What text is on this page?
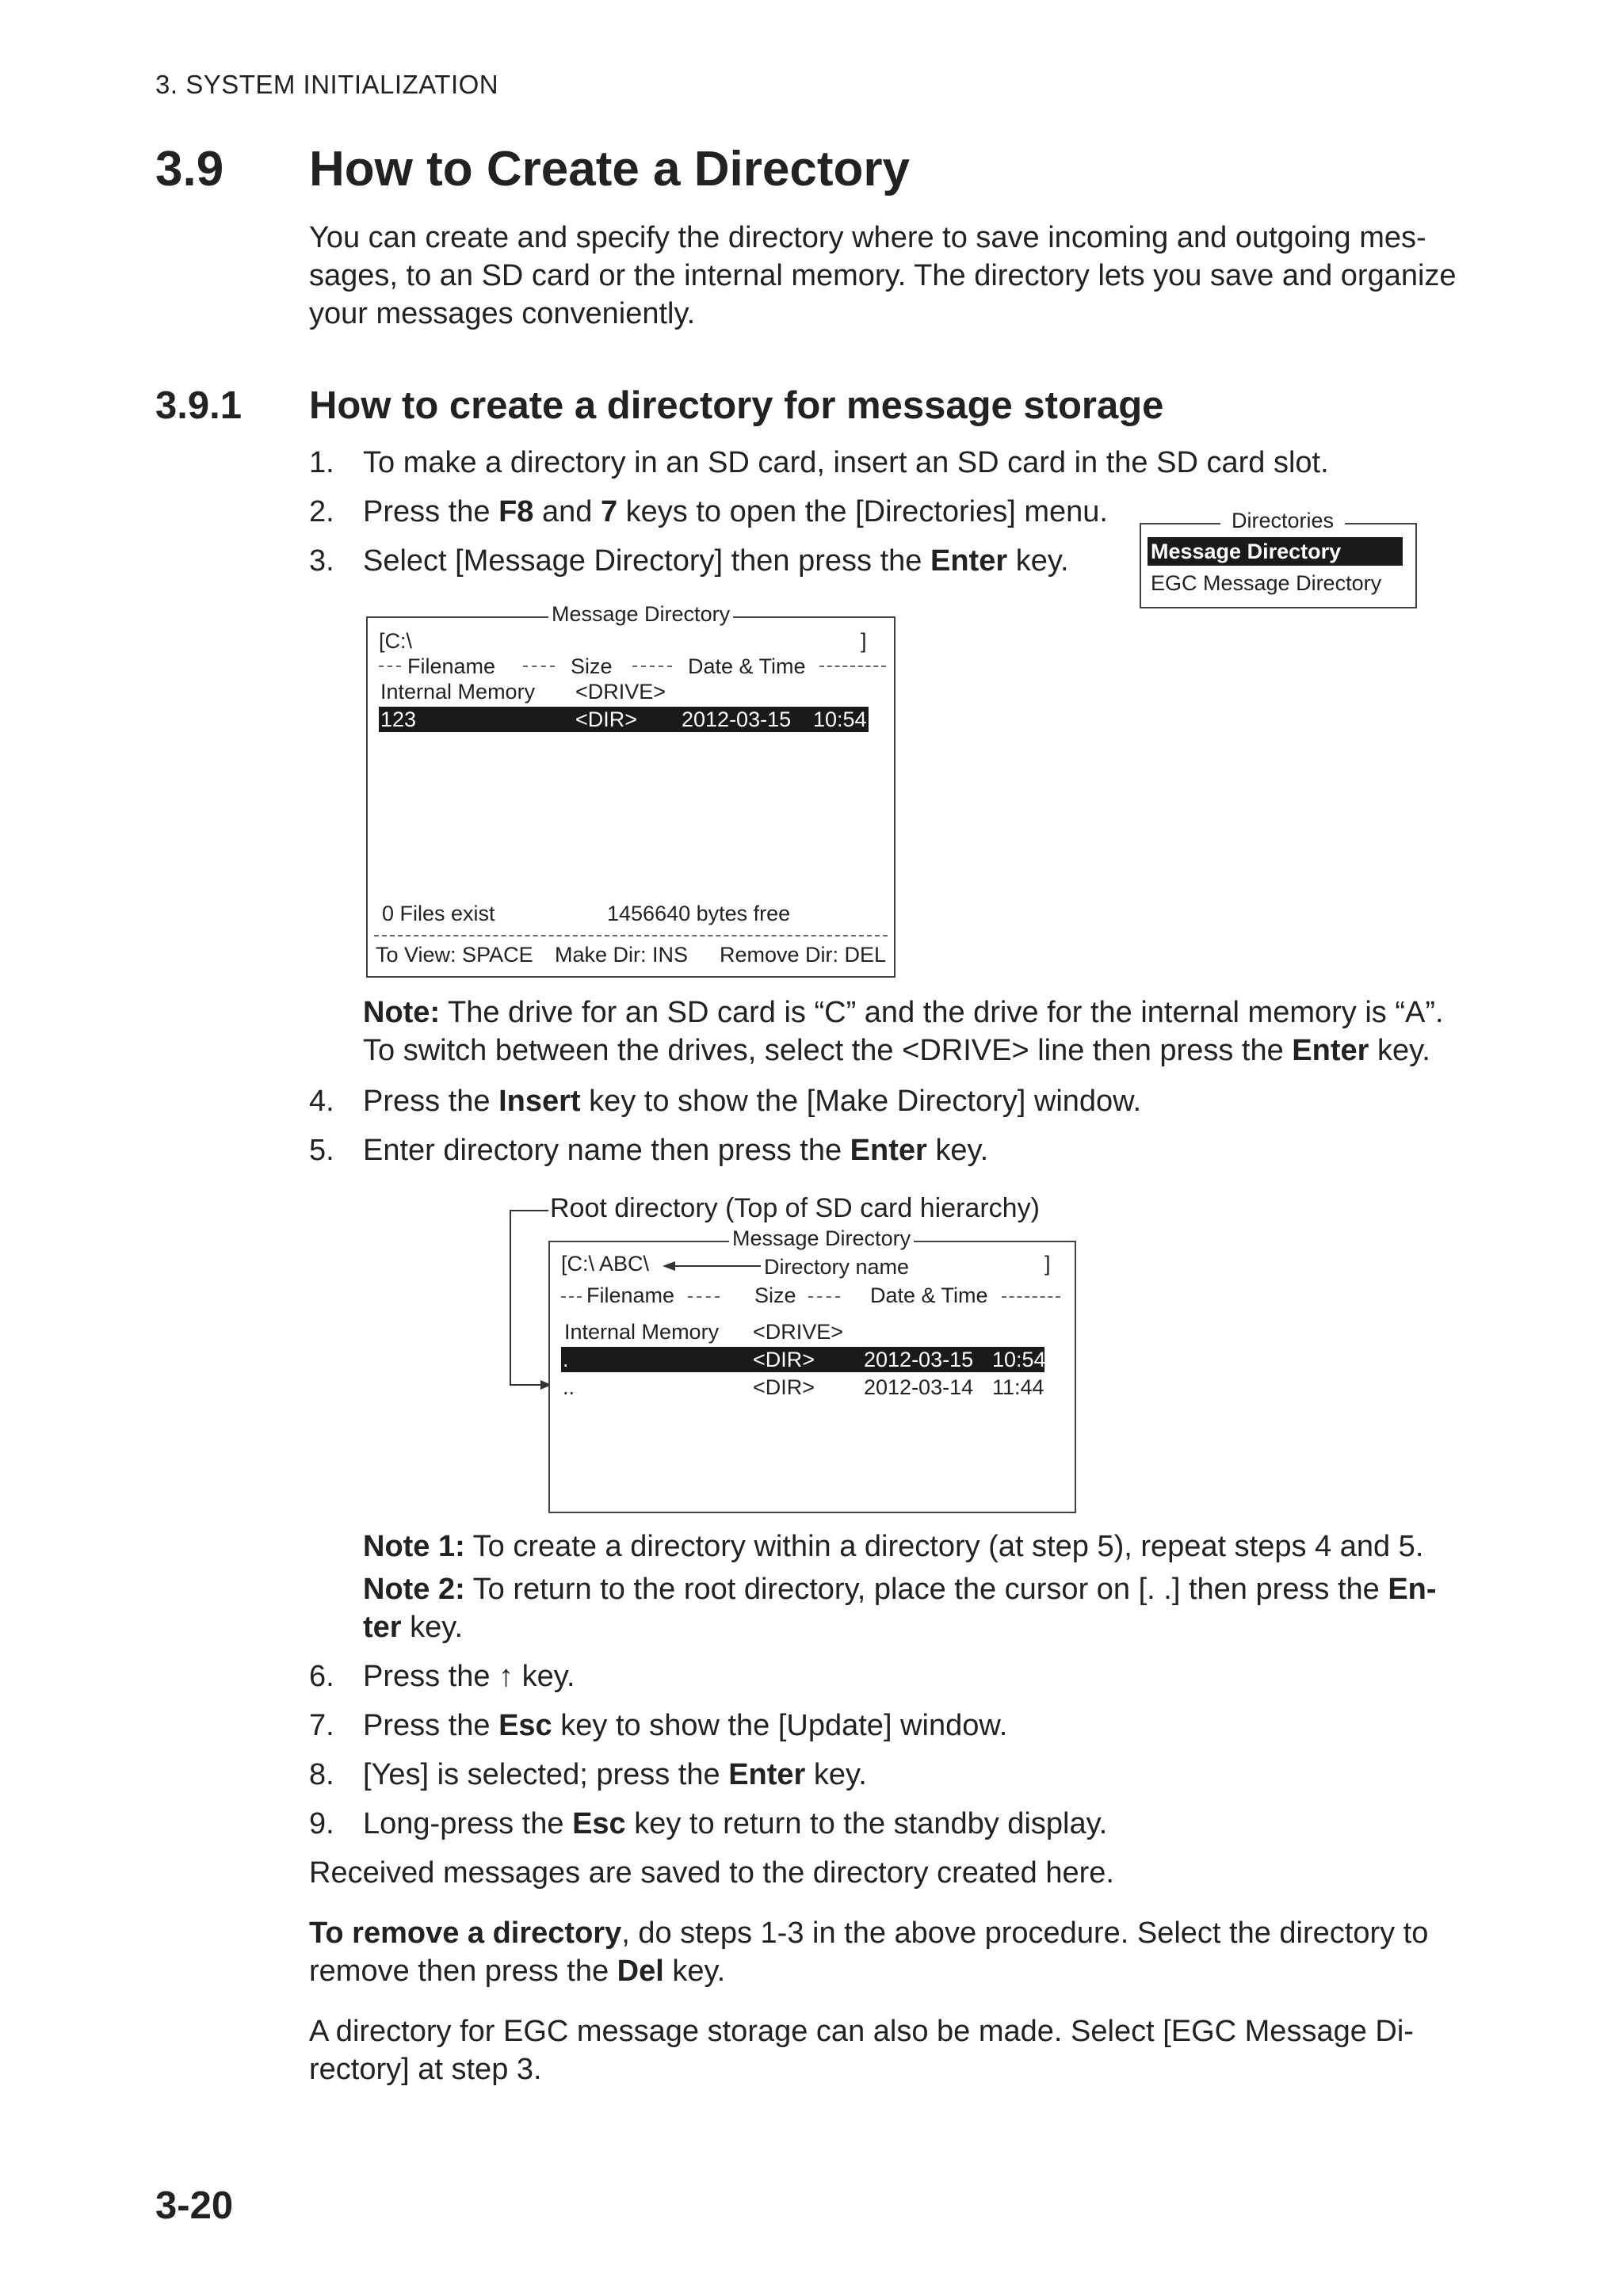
3. SYSTEM INITIALIZATION
3.9 How to Create a Directory
You can create and specify the directory where to save incoming and outgoing mes-
sages, to an SD card or the internal memory. The directory lets you save and organize
your messages conveniently.
3.9.1 How to create a directory for message storage
1. To make a directory in an SD card, insert an SD card in the SD card slot.
2. Press the F8 and 7 keys to open the [Directories] menu.
3. Select [Message Directory] then press the Enter key.
Directories
Message Directory
EGC Message Directory
Message Directory
[C:\	]
Filename	Size	Date & Time
Internal Memory <DRIVE>
123	<DIR> 2012-03-15 10:54
0 Files exist	1456640 bytes free
To View: SPACE Make Dir: INS Remove Dir: DEL
Note: The drive for an SD card is “C” and the drive for the internal memory is “A”.
To switch between the drives, select the <DRIVE> line then press the Enter key.
4. Press the Insert key to show the [Make Directory] window.
5. Enter directory name then press the Enter key.
Root directory (Top of SD card hierarchy)
Message Directory
[C:\ ABC\	Directory name	]
Filename	Size	Date & Time
Internal Memory <DRIVE>
.	<DIR> 2012-03-15 10:54
..	<DIR> 2012-03-14 11:44
Note 1: To create a directory within a directory (at step 5), repeat steps 4 and 5.
Note 2: To return to the root directory, place the cursor on [. .] then press the En-
ter key.
6. Press the ↑ key.
7. Press the Esc key to show the [Update] window.
8. [Yes] is selected; press the Enter key.
9. Long-press the Esc key to return to the standby display.
Received messages are saved to the directory created here.
To remove a directory, do steps 1-3 in the above procedure. Select the directory to
remove then press the Del key.
A directory for EGC message storage can also be made. Select [EGC Message Di-
rectory] at step 3.
3-20
